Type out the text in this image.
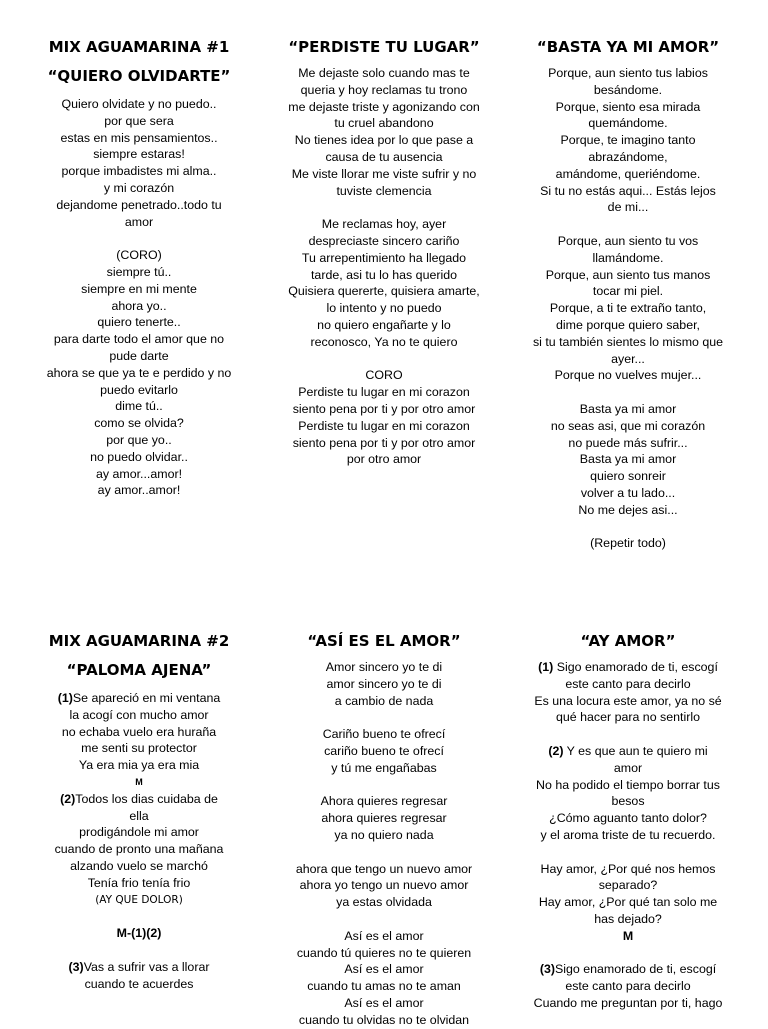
MIX AGUAMARINA #1
“QUIERO OLVIDARTE”
Quiero olvidate y no puedo..
por que sera
estas en mis pensamientos..
siempre estaras!
porque imbadistes mi alma..
y mi corazón
dejandome penetrado..todo tu
amor
(CORO)
siempre tú..
siempre en mi mente
ahora yo..
quiero tenerte..
para darte todo el amor que no
pude darte
ahora se que ya te e perdido y no
puedo evitarlo
dime tú..
como se olvida?
por que yo..
no puedo olvidar..
ay amor...amor!
ay amor..amor!
“PERDISTE TU LUGAR”
Me dejaste solo cuando mas te
queria y hoy reclamas tu trono
me dejaste triste y agonizando con
tu cruel abandono
No tienes idea por lo que pase a
causa de tu ausencia
Me viste llorar me viste sufrir y no
tuviste clemencia
Me reclamas hoy, ayer
despreciaste sincero cariño
Tu arrepentimiento ha llegado
tarde, asi tu lo has querido
Quisiera quererte, quisiera amarte,
lo intento y no puedo
no quiero engañarte y lo
reconosco, Ya no te quiero
CORO
Perdiste tu lugar en mi corazon
siento pena por ti y por otro amor
Perdiste tu lugar en mi corazon
siento pena por ti y por otro amor
por otro amor
“BASTA YA MI AMOR”
Porque, aun siento tus labios
besándome.
Porque, siento esa mirada
quemándome.
Porque, te imagino tanto
abrazándome,
amándome, queriéndome.
Si tu no estás aqui... Estás lejos
de mi...
Porque, aun siento tu vos
llamándome.
Porque, aun siento tus manos
tocar mi piel.
Porque, a ti te extraño tanto,
dime porque quiero saber,
si tu también sientes lo mismo que
ayer...
Porque no vuelves mujer...
Basta ya mi amor
no seas asi, que mi corazón
no puede más sufrir...
Basta ya mi amor
quiero sonreir
volver a tu lado...
No me dejes asi...
(Repetir todo)
MIX AGUAMARINA #2
“PALOMA AJENA”
(1)Se apareció en mi ventana
la acogí con mucho amor
no echaba vuelo era huraña
me senti su protector
Ya era mia ya era mia
M
(2)Todos los dias cuidaba de
ella
prodigándole mi amor
cuando de pronto una mañana
alzando vuelo se marchó
Tenía frio tenía frio
(AY QUE DOLOR)
M-(1)(2)
(3)Vas a sufrir vas a llorar
cuando te acuerdes
“ASÍ ES EL AMOR”
Amor sincero yo te di
amor sincero yo te di
a cambio de nada
Cariño bueno te ofrecí
cariño bueno te ofrecí
y tú me engañabas
Ahora quieres regresar
ahora quieres regresar
ya no quiero nada
ahora que tengo un nuevo amor
ahora yo tengo un nuevo amor
ya estas olvidada
Así es el amor
cuando tú quieres no te quieren
Así es el amor
cuando tu amas no te aman
Así es el amor
cuando tu olvidas no te olvidan
“AY AMOR”
(1) Sigo enamorado de ti, escogí
este canto para decirlo
Es una locura este amor, ya no sé
qué hacer para no sentirlo
(2) Y es que aun te quiero mi
amor
No ha podido el tiempo borrar tus
besos
¿Cómo aguanto tanto dolor?
y el aroma triste de tu recuerdo.
Hay amor, ¿Por qué nos hemos
separado?
Hay amor, ¿Por qué tan solo me
has dejado?
M
(3)Sigo enamorado de ti, escogí
este canto para decirlo
Cuando me preguntan por ti, hago
